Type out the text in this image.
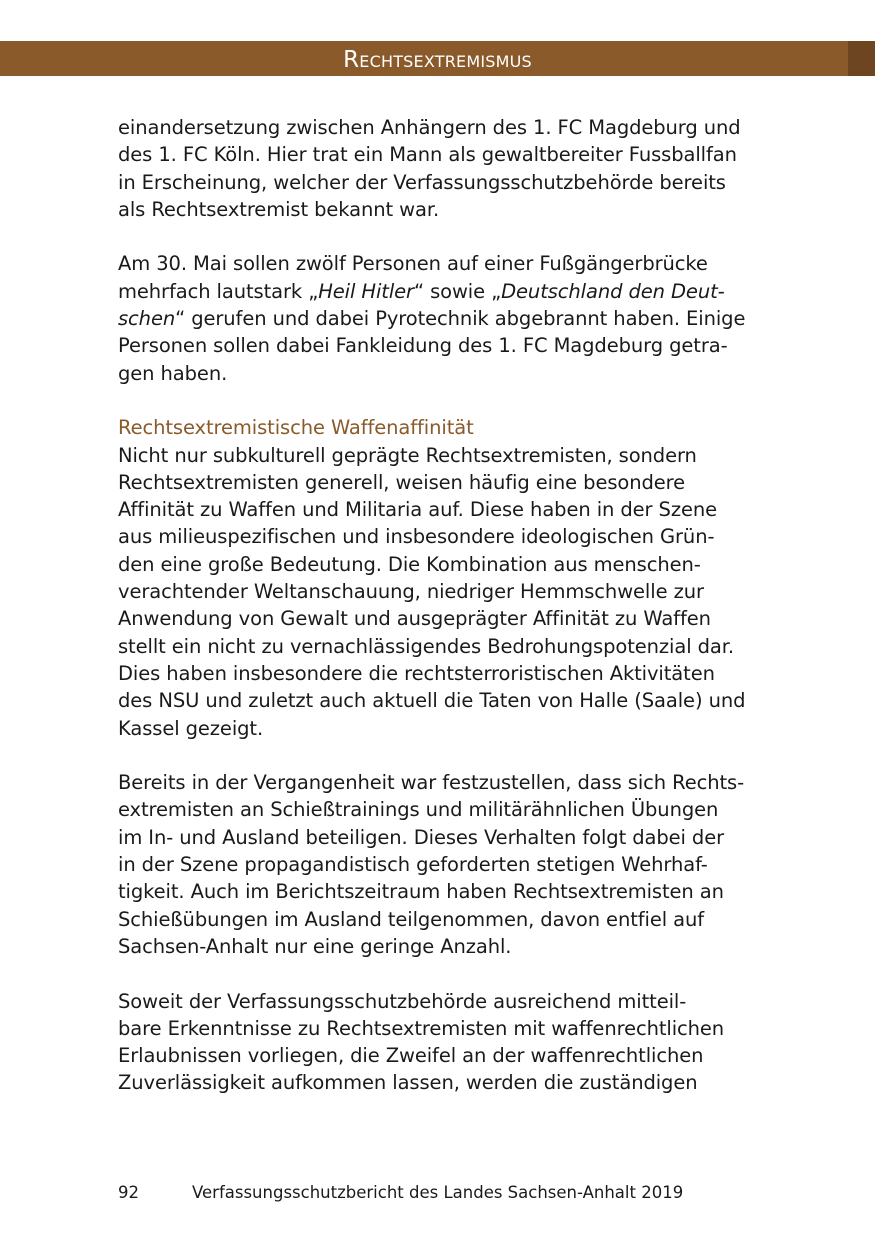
Rechtsextremismus
einandersetzung zwischen Anhängern des 1. FC Magdeburg und
des 1. FC Köln. Hier trat ein Mann als gewaltbereiter Fussballfan
in Erscheinung, welcher der Verfassungsschutzbehörde bereits
als Rechtsextremist bekannt war.
Am 30. Mai sollen zwölf Personen auf einer Fußgängerbrücke
mehrfach lautstark „Heil Hitler“ sowie „Deutschland den Deut-
schen“ gerufen und dabei Pyrotechnik abgebrannt haben. Einige
Personen sollen dabei Fankleidung des 1. FC Magdeburg getra-
gen haben.
Rechtsextremistische Waffenaffinität
Nicht nur subkulturell geprägte Rechtsextremisten, sondern
Rechtsextremisten generell, weisen häufig eine besondere
Affinität zu Waffen und Militaria auf. Diese haben in der Szene
aus milieuspezifischen und insbesondere ideologischen Grün-
den eine große Bedeutung. Die Kombination aus menschen-
verachtender Weltanschauung, niedriger Hemmschwelle zur
Anwendung von Gewalt und ausgeprägter Affinität zu Waffen
stellt ein nicht zu vernachlässigendes Bedrohungspotenzial dar.
Dies haben insbesondere die rechtsterroristischen Aktivitäten
des NSU und zuletzt auch aktuell die Taten von Halle (Saale) und
Kassel gezeigt.
Bereits in der Vergangenheit war festzustellen, dass sich Rechts-
extremisten an Schießtrainings und militärähnlichen Übungen
im In- und Ausland beteiligen. Dieses Verhalten folgt dabei der
in der Szene propagandistisch geforderten stetigen Wehrhaf-
tigkeit. Auch im Berichtszeitraum haben Rechtsextremisten an
Schießübungen im Ausland teilgenommen, davon entfiel auf
Sachsen-Anhalt nur eine geringe Anzahl.
Soweit der Verfassungsschutzbehörde ausreichend mitteil-
bare Erkenntnisse zu Rechtsextremisten mit waffenrechtlichen
Erlaubnissen vorliegen, die Zweifel an der waffenrechtlichen
Zuverlässigkeit aufkommen lassen, werden die zuständigen
92	Verfassungsschutzbericht des Landes Sachsen-Anhalt 2019
